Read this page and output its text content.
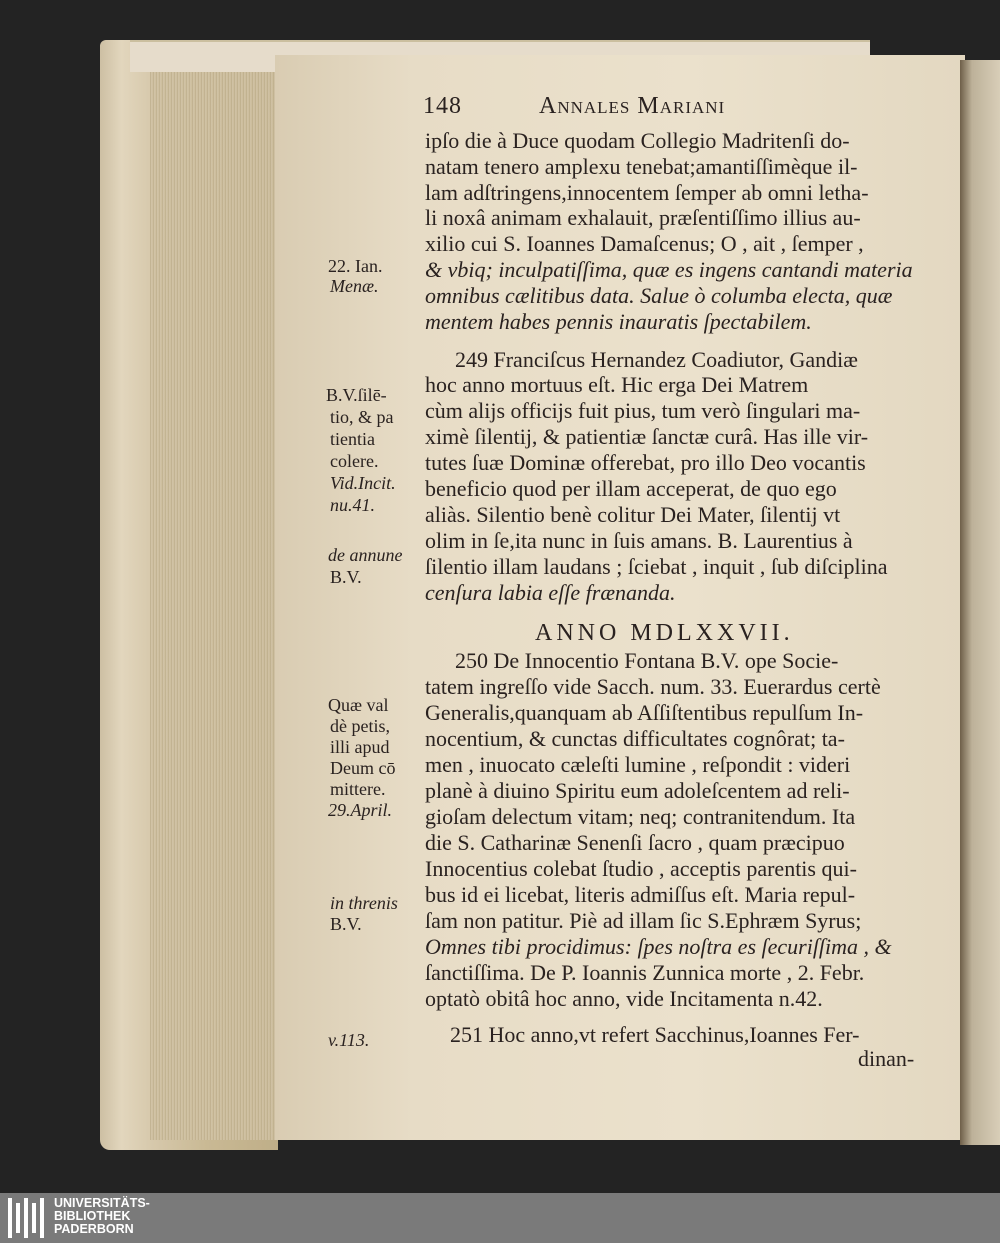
148	Annales Mariani
ipſo die à Duce quodam Collegio Madritenſi do-
natam tenero amplexu tenebat;amantiſſimèque il-
lam adſtringens,innocentem ſemper ab omni letha-
li noxâ animam exhalauit, præſentiſſimo illius au-
xilio cui S. Ioannes Damaſcenus; O , ait , ſemper ,
& vbiq; inculpatiſſima, quæ es ingens cantandi materia
omnibus cælitibus data. Salue ò columba electa, quæ
mentem habes pennis inauratis ſpectabilem.
249 Franciſcus Hernandez Coadiutor, Gandiæ
hoc anno mortuus eſt. Hic erga Dei Matrem
cùm alijs officijs fuit pius, tum verò ſingulari ma-
ximè ſilentij, & patientiæ ſanctæ curâ. Has ille vir-
tutes ſuæ Dominæ offerebat, pro illo Deo vocantis
beneficio quod per illam acceperat, de quo ego
aliàs. Silentio benè colitur Dei Mater, ſilentij vt
olim in ſe,ita nunc in ſuis amans. B. Laurentius à
ſilentio illam laudans ; ſciebat , inquit , ſub diſciplina
cenſura labia eſſe frænanda.
ANNO MDLXXVII.
250 De Innocentio Fontana B.V. ope Socie-
tatem ingreſſo vide Sacch. num. 33. Euerardus certè
Generalis,quanquam ab Aſſiſtentibus repulſum In-
nocentium, & cunctas difficultates cognôrat; ta-
men , inuocato cæleſti lumine , reſpondit : videri
planè à diuino Spiritu eum adoleſcentem ad reli-
gioſam delectum vitam; neq; contranitendum. Ita
die S. Catharinæ Senenſi ſacro , quam præcipuo
Innocentius colebat ſtudio , acceptis parentis qui-
bus id ei licebat, literis admiſſus eſt. Maria repul-
ſam non patitur. Piè ad illam ſic S.Ephræm Syrus;
Omnes tibi procidimus: ſpes noſtra es ſecuriſſima , &
ſanctiſſima. De P. Ioannis Zunnica morte , 2. Febr.
optatò obitâ hoc anno, vide Incitamenta n.42.
251 Hoc anno,vt refert Sacchinus,Ioannes Fer-
dinan-
22. Ian.
Menæ.
B.V.ſilē-
tio, & pa
tientia
colere.
Vid.Incit.
nu.41.
de annune
B.V.
Quæ val
dè petis,
illi apud
Deum cō
mittere.
29.April.
in threnis
B.V.
v.113.
UNIVERSITÄTS-
BIBLIOTHEK
PADERBORN
